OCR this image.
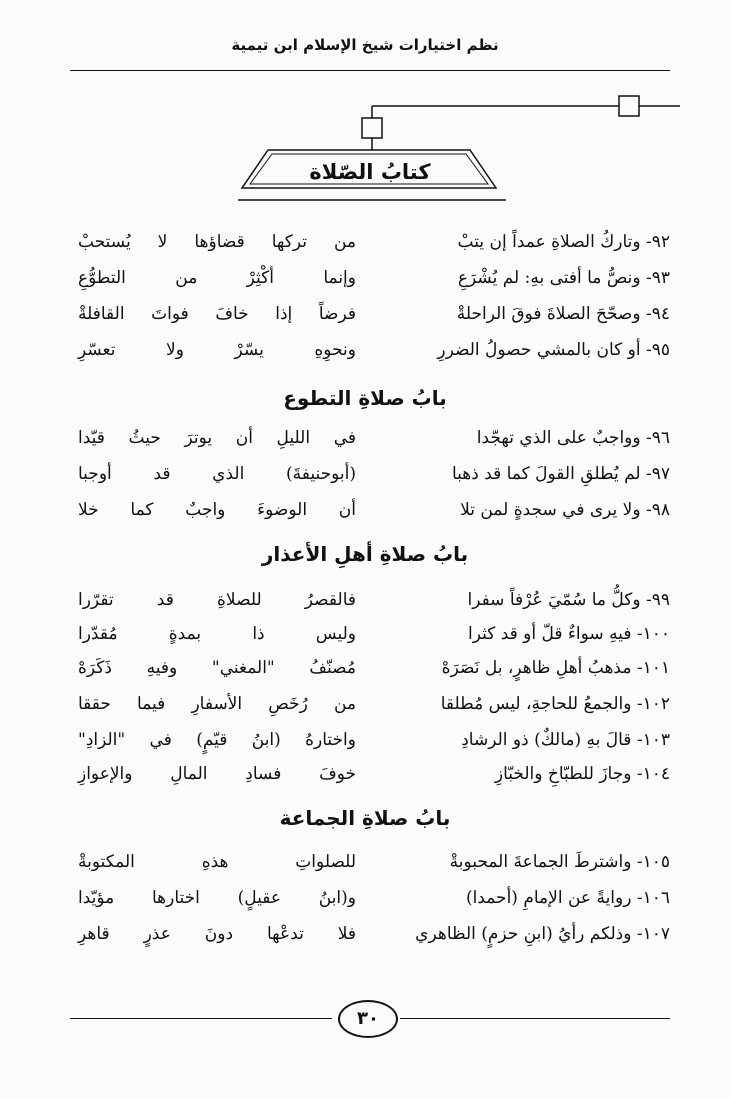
نظم اختيارات شيخ الإسلام ابن تيمية
كتابُ الصّلاة
٩٢- وتاركُ الصلاةِ عمداً إن يتبْ
من تركها قضاؤها لا يُستحبْ
٩٣- ونصُّ ما أفتى بهِ: لم يُشْرَعِ
وإنما أكْثِرْ من التطوُّعِ
٩٤- وصحّحَ الصلاةَ فوقَ الراحلةْ
فرضاً إذا خافَ فواتَ القافلةْ
٩٥- أو كان بالمشي حصولُ الضررِ
ونحوِهِ يسّرْ ولا تعسّرِ
بابُ صلاةِ التطوع
٩٦- وواجبٌ على الذي تهجّدا
في الليلِ أن يوترَ حيثُ قيّدا
٩٧- لم يُطلقِ القولَ كما قد ذهبا
(أبوحنيفةَ) الذي قد أوجبا
٩٨- ولا يرى في سجدةٍ لمن تلا
أن الوضوءَ واجبٌ كما خلا
بابُ صلاةِ أهلِ الأعذار
٩٩- وكلُّ ما سُمّيَ عُرْفاً سفرا
فالقصرُ للصلاةِ قد تقرّرا
١٠٠- فيهِ سواءٌ قلّ أو قد كثرا
وليس ذا بمدةٍ مُقدّرا
١٠١- مذهبُ أهلِ ظاهرٍ، بل نَصَرَهْ
مُصنّفُ "المغني" وفيهِ ذَكَرَهْ
١٠٢- والجمعُ للحاجةِ، ليس مُطلقا
من رُخَصِ الأسفارِ فيما حققا
١٠٣- قالَ بهِ (مالكٌ) ذو الرشادِ
واختارهُ (ابنُ قيّمٍ) في "الزادِ"
١٠٤- وجازَ للطبّاخِ والخبّازِ
خوفَ فسادِ المالِ والإعوازِ
بابُ صلاةِ الجماعة
١٠٥- واشترطَ الجماعةَ المحبوبةْ
للصلواتِ هذهِ المكتوبةْ
١٠٦- روايةً عن الإمامِ (أحمدا)
و(ابنُ عقيلٍ) اختارها مؤيّدا
١٠٧- وذلكم رأيُ (ابنِ حزمٍ) الظاهري
فلا تدعْها دونَ عذرٍ قاهرِ
٣٠
